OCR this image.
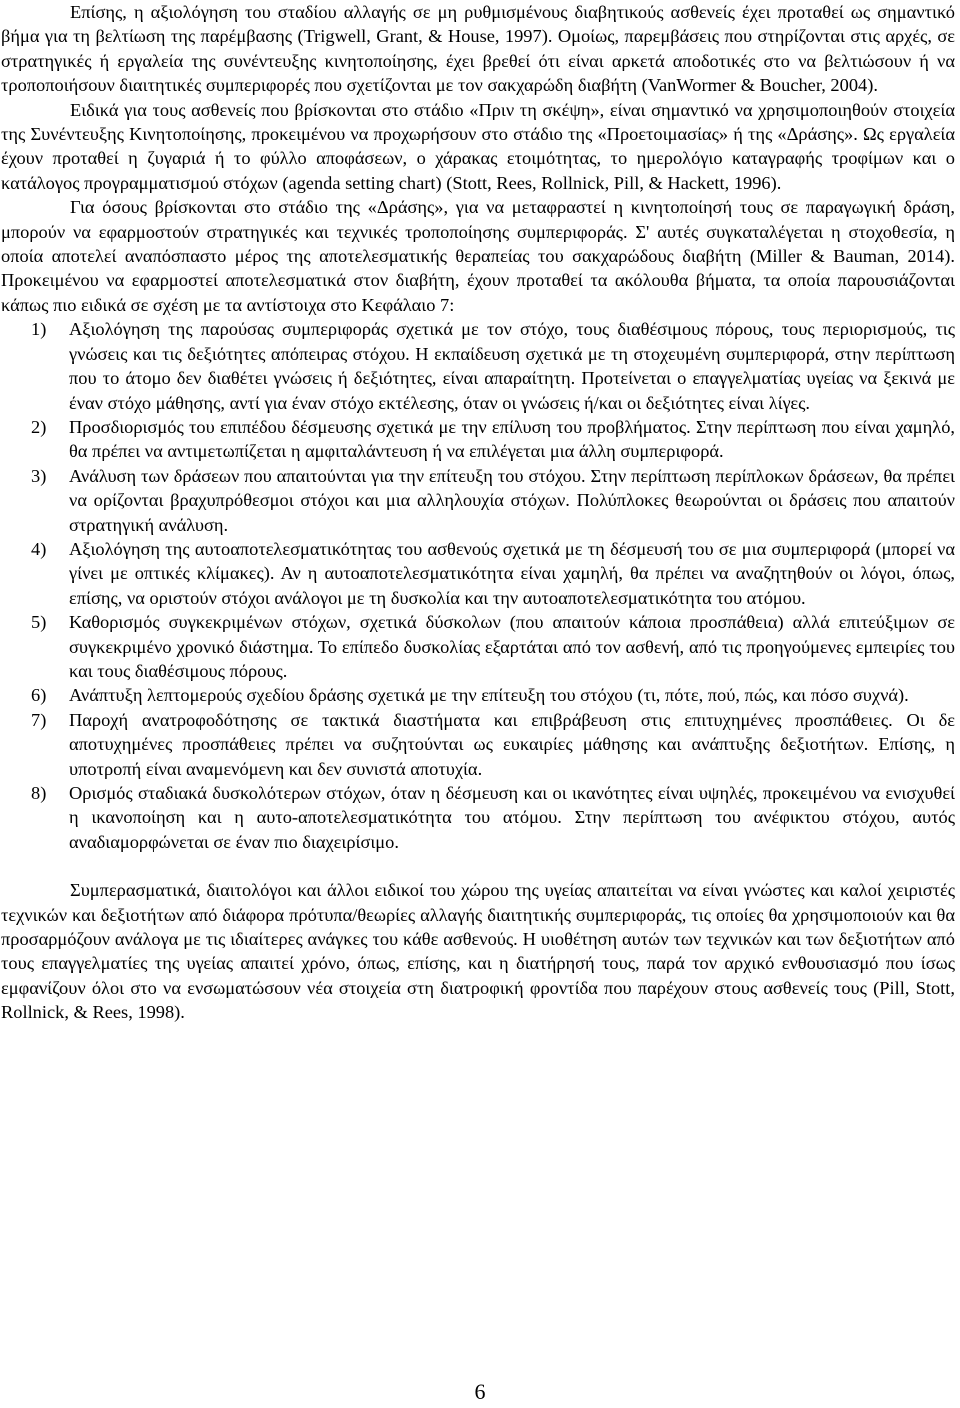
Επίσης, η αξιολόγηση του σταδίου αλλαγής σε μη ρυθμισμένους διαβητικούς ασθενείς έχει προταθεί ως σημαντικό βήμα για τη βελτίωση της παρέμβασης (Trigwell, Grant, & House, 1997). Ομοίως, παρεμβάσεις που στηρίζονται στις αρχές, σε στρατηγικές ή εργαλεία της συνέντευξης κινητοποίησης, έχει βρεθεί ότι είναι αρκετά αποδοτικές στο να βελτιώσουν ή να τροποποιήσουν διαιτητικές συμπεριφορές που σχετίζονται με τον σακχαρώδη διαβήτη (VanWormer & Boucher, 2004).

Ειδικά για τους ασθενείς που βρίσκονται στο στάδιο «Πριν τη σκέψη», είναι σημαντικό να χρησιμοποιηθούν στοιχεία της Συνέντευξης Κινητοποίησης, προκειμένου να προχωρήσουν στο στάδιο της «Προετοιμασίας» ή της «Δράσης». Ως εργαλεία έχουν προταθεί η ζυγαριά ή το φύλλο αποφάσεων, ο χάρακας ετοιμότητας, το ημερολόγιο καταγραφής τροφίμων και ο κατάλογος προγραμματισμού στόχων (agenda setting chart) (Stott, Rees, Rollnick, Pill, & Hackett, 1996).

Για όσους βρίσκονται στο στάδιο της «Δράσης», για να μεταφραστεί η κινητοποίησή τους σε παραγωγική δράση, μπορούν να εφαρμοστούν στρατηγικές και τεχνικές τροποποίησης συμπεριφοράς. Σ' αυτές συγκαταλέγεται η στοχοθεσία, η οποία αποτελεί αναπόσπαστο μέρος της αποτελεσματικής θεραπείας του σακχαρώδους διαβήτη (Miller & Bauman, 2014). Προκειμένου να εφαρμοστεί αποτελεσματικά στον διαβήτη, έχουν προταθεί τα ακόλουθα βήματα, τα οποία παρουσιάζονται κάπως πιο ειδικά σε σχέση με τα αντίστοιχα στο Κεφάλαιο 7:

1) Αξιολόγηση της παρούσας συμπεριφοράς σχετικά με τον στόχο, τους διαθέσιμους πόρους, τους περιορισμούς, τις γνώσεις και τις δεξιότητες απόπειρας στόχου. Η εκπαίδευση σχετικά με τη στοχευμένη συμπεριφορά, στην περίπτωση που το άτομο δεν διαθέτει γνώσεις ή δεξιότητες, είναι απαραίτητη. Προτείνεται ο επαγγελματίας υγείας να ξεκινά με έναν στόχο μάθησης, αντί για έναν στόχο εκτέλεσης, όταν οι γνώσεις ή/και οι δεξιότητες είναι λίγες.
2) Προσδιορισμός του επιπέδου δέσμευσης σχετικά με την επίλυση του προβλήματος. Στην περίπτωση που είναι χαμηλό, θα πρέπει να αντιμετωπίζεται η αμφιταλάντευση ή να επιλέγεται μια άλλη συμπεριφορά.
3) Ανάλυση των δράσεων που απαιτούνται για την επίτευξη του στόχου. Στην περίπτωση περίπλοκων δράσεων, θα πρέπει να ορίζονται βραχυπρόθεσμοι στόχοι και μια αλληλουχία στόχων. Πολύπλοκες θεωρούνται οι δράσεις που απαιτούν στρατηγική ανάλυση.
4) Αξιολόγηση της αυτοαποτελεσματικότητας του ασθενούς σχετικά με τη δέσμευσή του σε μια συμπεριφορά (μπορεί να γίνει με οπτικές κλίμακες). Αν η αυτοαποτελεσματικότητα είναι χαμηλή, θα πρέπει να αναζητηθούν οι λόγοι, όπως, επίσης, να οριστούν στόχοι ανάλογοι με τη δυσκολία και την αυτοαποτελεσματικότητα του ατόμου.
5) Καθορισμός συγκεκριμένων στόχων, σχετικά δύσκολων (που απαιτούν κάποια προσπάθεια) αλλά επιτεύξιμων σε συγκεκριμένο χρονικό διάστημα. Το επίπεδο δυσκολίας εξαρτάται από τον ασθενή, από τις προηγούμενες εμπειρίες του και τους διαθέσιμους πόρους.
6) Ανάπτυξη λεπτομερούς σχεδίου δράσης σχετικά με την επίτευξη του στόχου (τι, πότε, πού, πώς, και πόσο συχνά).
7) Παροχή ανατροφοδότησης σε τακτικά διαστήματα και επιβράβευση στις επιτυχημένες προσπάθειες. Οι δε αποτυχημένες προσπάθειες πρέπει να συζητούνται ως ευκαιρίες μάθησης και ανάπτυξης δεξιοτήτων. Επίσης, η υποτροπή είναι αναμενόμενη και δεν συνιστά αποτυχία.
8) Ορισμός σταδιακά δυσκολότερων στόχων, όταν η δέσμευση και οι ικανότητες είναι υψηλές, προκειμένου να ενισχυθεί η ικανοποίηση και η αυτο-αποτελεσματικότητα του ατόμου. Στην περίπτωση του ανέφικτου στόχου, αυτός αναδιαμορφώνεται σε έναν πιο διαχειρίσιμο.

Συμπερασματικά, διαιτολόγοι και άλλοι ειδικοί του χώρου της υγείας απαιτείται να είναι γνώστες και καλοί χειριστές τεχνικών και δεξιοτήτων από διάφορα πρότυπα/θεωρίες αλλαγής διαιτητικής συμπεριφοράς, τις οποίες θα χρησιμοποιούν και θα προσαρμόζουν ανάλογα με τις ιδιαίτερες ανάγκες του κάθε ασθενούς. Η υιοθέτηση αυτών των τεχνικών και των δεξιοτήτων από τους επαγγελματίες της υγείας απαιτεί χρόνο, όπως, επίσης, και η διατήρησή τους, παρά τον αρχικό ενθουσιασμό που ίσως εμφανίζουν όλοι στο να ενσωματώσουν νέα στοιχεία στη διατροφική φροντίδα που παρέχουν στους ασθενείς τους (Pill, Stott, Rollnick, & Rees, 1998).

6
